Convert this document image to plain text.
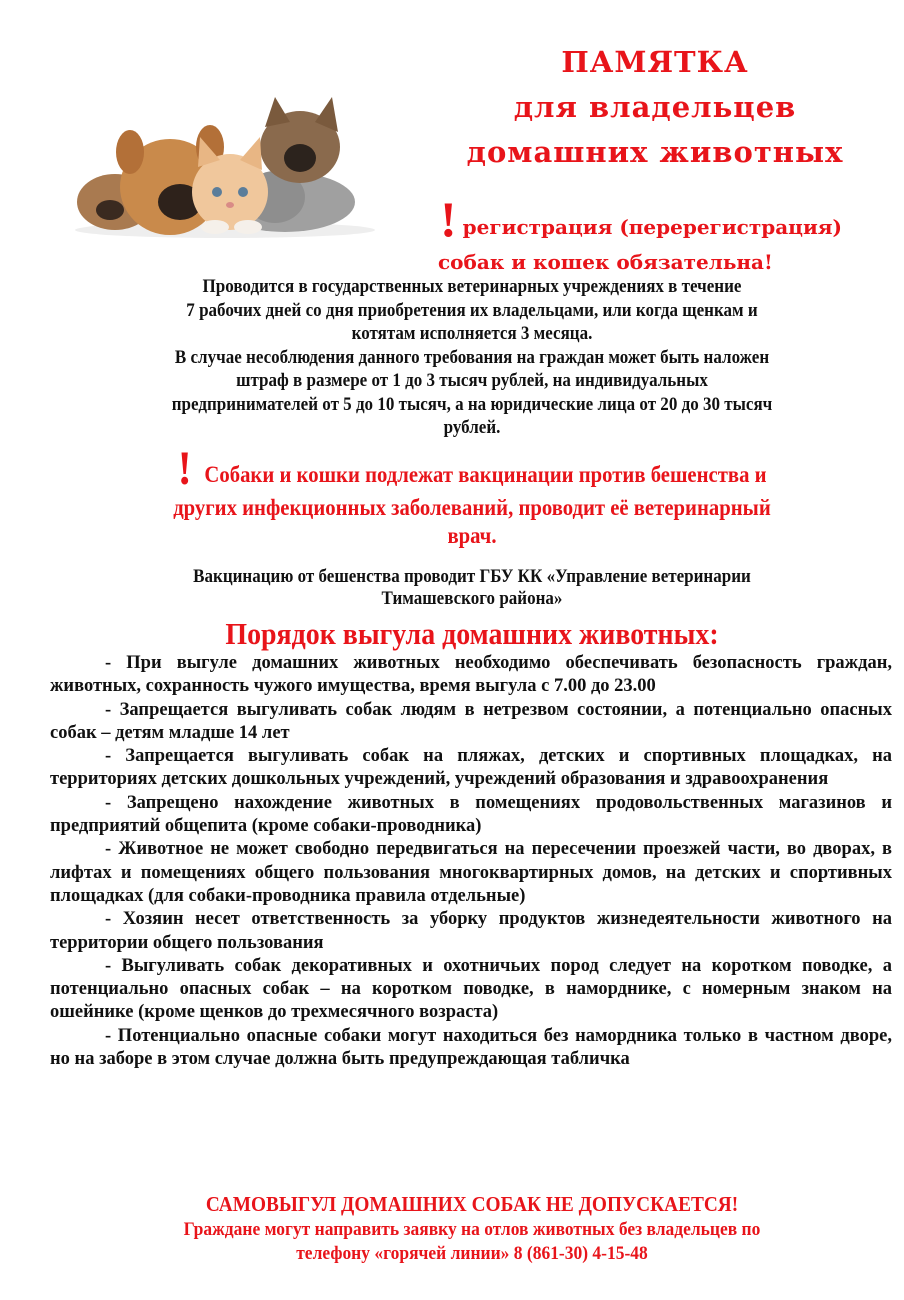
ПАМЯТКА
для владельцев
домашних животных
! регистрация (перерегистрация)
собак и кошек обязательна!
Проводится в государственных ветеринарных учреждениях в течение
7 рабочих дней со дня приобретения их владельцами, или когда щенкам и
котятам исполняется 3 месяца.
В случае несоблюдения данного требования на граждан может быть наложен
штраф в размере от 1 до 3 тысяч рублей, на индивидуальных
предпринимателей от 5 до 10 тысяч, а на юридические лица от 20 до 30 тысяч
рублей.
! Собаки и кошки подлежат вакцинации против бешенства и
других инфекционных заболеваний, проводит её ветеринарный
врач.
Вакцинацию от бешенства проводит ГБУ КК «Управление ветеринарии
Тимашевского района»
Порядок выгула домашних животных:

- При выгуле домашних животных необходимо обеспечивать безопасность граждан, животных, сохранность чужого имущества, время выгула с 7.00 до 23.00

- Запрещается выгуливать собак людям в нетрезвом состоянии, а потенциально опасных собак – детям младше 14 лет

- Запрещается выгуливать собак на пляжах, детских и спортивных площадках, на территориях детских дошкольных учреждений, учреждений образования и здравоохранения

- Запрещено нахождение животных в помещениях продовольственных магазинов и предприятий общепита (кроме собаки-проводника)

- Животное не может свободно передвигаться на пересечении проезжей части, во дворах, в лифтах и помещениях общего пользования многоквартирных домов, на детских и спортивных площадках (для собаки-проводника правила отдельные)

- Хозяин несет ответственность за уборку продуктов жизнедеятельности животного на территории общего пользования

- Выгуливать собак декоративных и охотничьих пород следует на коротком поводке, а потенциально опасных собак – на коротком поводке, в наморднике, с номерным знаком на ошейнике (кроме щенков до трехмесячного возраста)

- Потенциально опасные собаки могут находиться без намордника только в частном дворе, но на заборе в этом случае должна быть предупреждающая табличка

САМОВЫГУЛ ДОМАШНИХ СОБАК НЕ ДОПУСКАЕТСЯ!
Граждане могут направить заявку на отлов животных без владельцев по
телефону «горячей линии» 8 (861-30) 4-15-48
